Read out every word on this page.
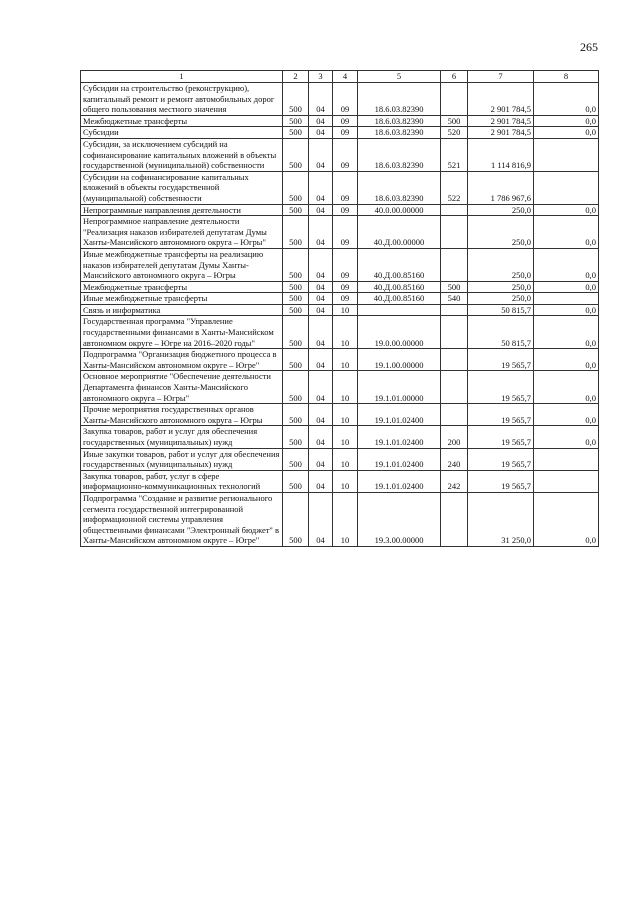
265
1	2	3	4	5	6	7	8
Субсидии на строительство (реконструкцию), капитальный ремонт и ремонт автомобильных дорог общего пользования местного значения	500	04	09	18.6.03.82390		2 901 784,5	0,0
Межбюджетные трансферты	500	04	09	18.6.03.82390	500	2 901 784,5	0,0
Субсидии	500	04	09	18.6.03.82390	520	2 901 784,5	0,0
Субсидии, за исключением субсидий на софинансирование капитальных вложений в объекты государственной (муниципальной) собственности	500	04	09	18.6.03.82390	521	1 114 816,9	
Субсидии на софинансирование капитальных вложений в объекты государственной (муниципальной) собственности	500	04	09	18.6.03.82390	522	1 786 967,6	
Непрограммные направления деятельности	500	04	09	40.0.00.00000		250,0	0,0
Непрограммное направление деятельности "Реализация наказов избирателей депутатам Думы Ханты-Мансийского автономного округа – Югры"	500	04	09	40.Д.00.00000		250,0	0,0
Иные межбюджетные трансферты на реализацию наказов избирателей депутатам Думы Ханты-Мансийского автономного округа – Югры	500	04	09	40.Д.00.85160		250,0	0,0
Межбюджетные трансферты	500	04	09	40.Д.00.85160	500	250,0	0,0
Иные межбюджетные трансферты	500	04	09	40.Д.00.85160	540	250,0	
Связь и информатика	500	04	10			50 815,7	0,0
Государственная программа "Управление государственными финансами в Ханты-Мансийском автономном округе – Югре на 2016–2020 годы"	500	04	10	19.0.00.00000		50 815,7	0,0
Подпрограмма "Организация бюджетного процесса в Ханты-Мансийском автономном округе – Югре"	500	04	10	19.1.00.00000		19 565,7	0,0
Основное мероприятие "Обеспечение деятельности Департамента финансов Ханты-Мансийского автономного округа – Югры"	500	04	10	19.1.01.00000		19 565,7	0,0
Прочие мероприятия государственных органов Ханты-Мансийского автономного округа – Югры	500	04	10	19.1.01.02400		19 565,7	0,0
Закупка товаров, работ и услуг для обеспечения государственных (муниципальных) нужд	500	04	10	19.1.01.02400	200	19 565,7	0,0
Иные закупки товаров, работ и услуг для обеспечения государственных (муниципальных) нужд	500	04	10	19.1.01.02400	240	19 565,7	
Закупка товаров, работ, услуг в сфере информационно-коммуникационных технологий	500	04	10	19.1.01.02400	242	19 565,7	
Подпрограмма "Создание и развитие регионального сегмента государственной интегрированной информационной системы управления общественными финансами "Электронный бюджет" в Ханты-Мансийском автономном округе – Югре"	500	04	10	19.3.00.00000		31 250,0	0,0
